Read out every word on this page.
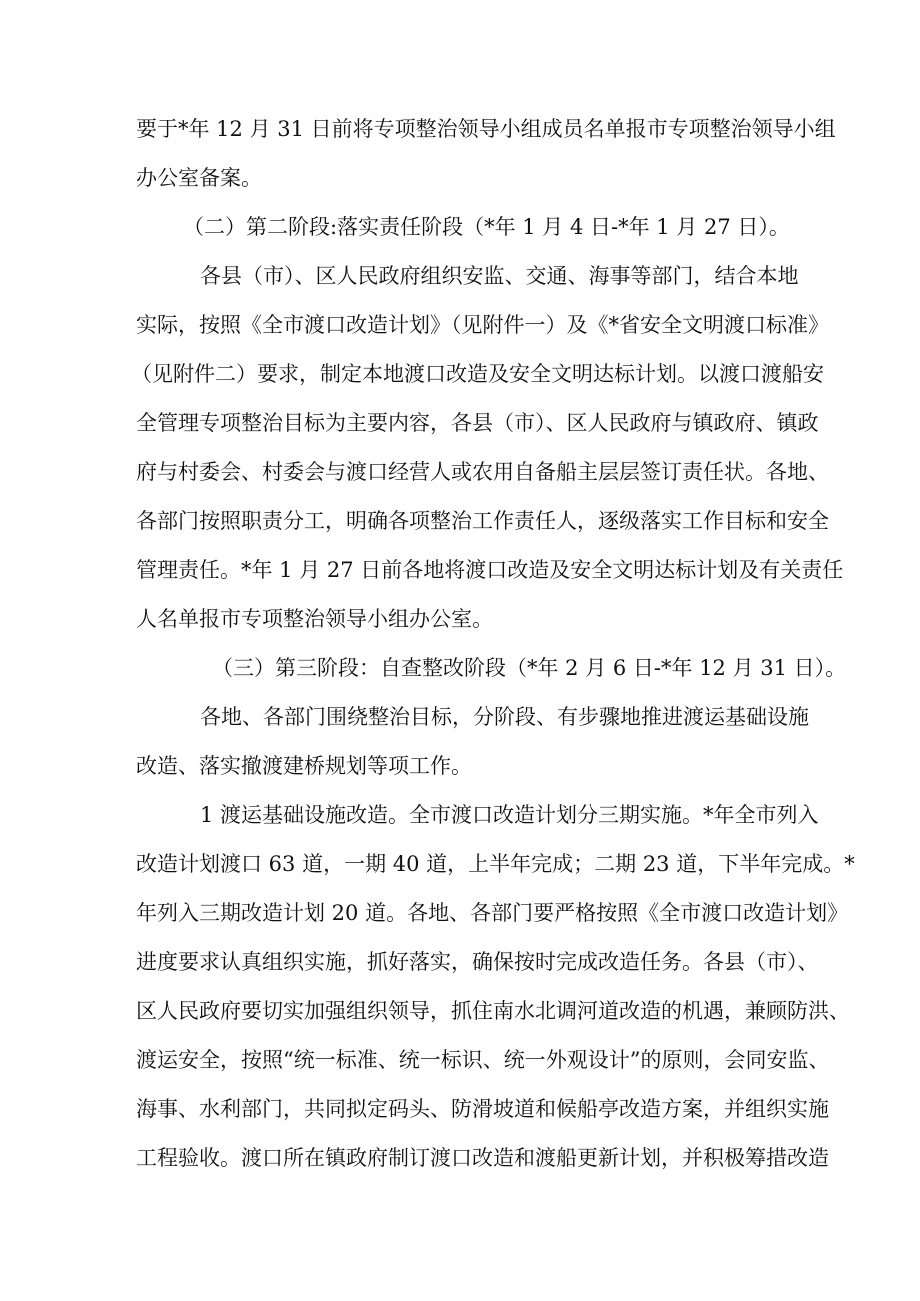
要于*年 12 月 31 日前将专项整治领导小组成员名单报市专项整治领导小组
办公室备案。
（二）第二阶段:落实责任阶段（*年 1 月 4 日-*年 1 月 27 日）。
各县（市）、区人民政府组织安监、交通、海事等部门，结合本地
实际，按照《全市渡口改造计划》（见附件一）及《*省安全文明渡口标准》
（见附件二）要求，制定本地渡口改造及安全文明达标计划。以渡口渡船安
全管理专项整治目标为主要内容，各县（市）、区人民政府与镇政府、镇政
府与村委会、村委会与渡口经营人或农用自备船主层层签订责任状。各地、
各部门按照职责分工，明确各项整治工作责任人，逐级落实工作目标和安全
管理责任。*年 1 月 27 日前各地将渡口改造及安全文明达标计划及有关责任
人名单报市专项整治领导小组办公室。
（三）第三阶段：自查整改阶段（*年 2 月 6 日-*年 12 月 31 日）。
各地、各部门围绕整治目标，分阶段、有步骤地推进渡运基础设施
改造、落实撤渡建桥规划等项工作。
1 渡运基础设施改造。全市渡口改造计划分三期实施。*年全市列入
改造计划渡口 63 道，一期 40 道，上半年完成；二期 23 道，下半年完成。*
年列入三期改造计划 20 道。各地、各部门要严格按照《全市渡口改造计划》
进度要求认真组织实施，抓好落实，确保按时完成改造任务。各县（市）、
区人民政府要切实加强组织领导，抓住南水北调河道改造的机遇，兼顾防洪、
渡运安全，按照“统一标准、统一标识、统一外观设计”的原则，会同安监、
海事、水利部门，共同拟定码头、防滑坡道和候船亭改造方案，并组织实施
工程验收。渡口所在镇政府制订渡口改造和渡船更新计划，并积极筹措改造
